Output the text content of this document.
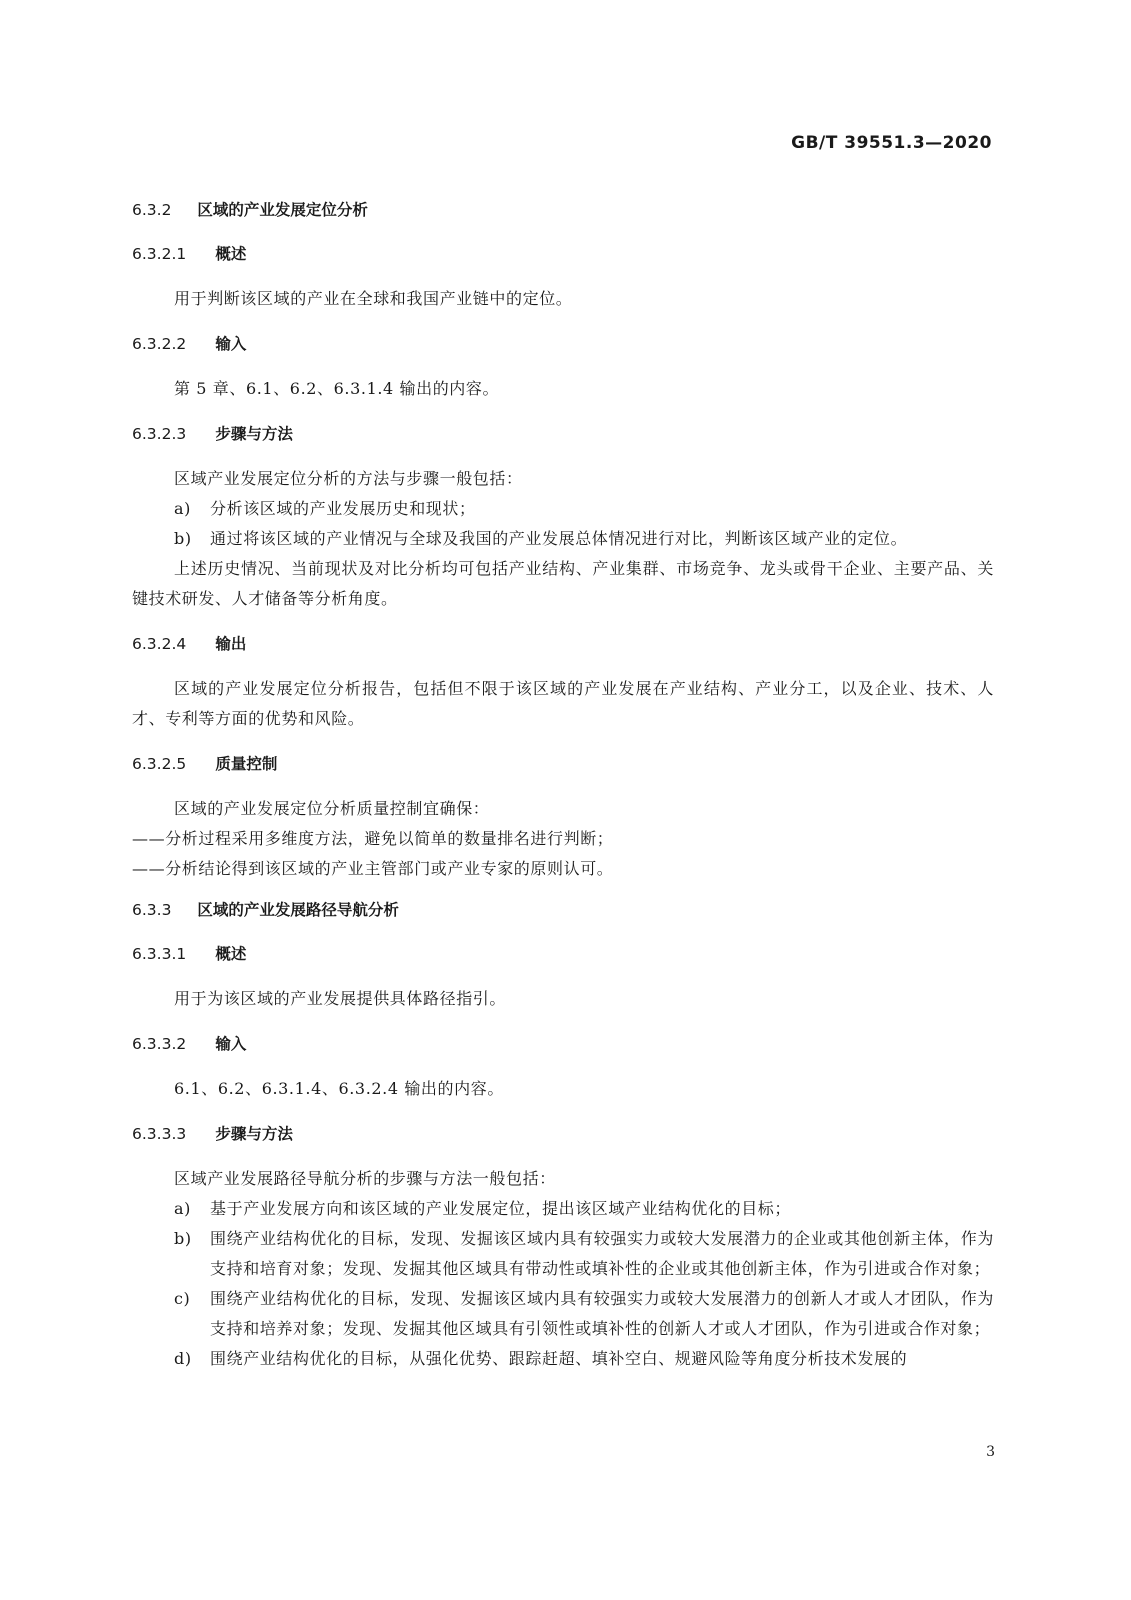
GB/T 39551.3—2020
6.3.2 区域的产业发展定位分析
6.3.2.1 概述
用于判断该区域的产业在全球和我国产业链中的定位。
6.3.2.2 输入
第 5 章、6.1、6.2、6.3.1.4 输出的内容。
6.3.2.3 步骤与方法
区域产业发展定位分析的方法与步骤一般包括：
a) 分析该区域的产业发展历史和现状；
b) 通过将该区域的产业情况与全球及我国的产业发展总体情况进行对比，判断该区域产业的定位。
上述历史情况、当前现状及对比分析均可包括产业结构、产业集群、市场竞争、龙头或骨干企业、主要产品、关键技术研发、人才储备等分析角度。
6.3.2.4 输出
区域的产业发展定位分析报告，包括但不限于该区域的产业发展在产业结构、产业分工，以及企业、技术、人才、专利等方面的优势和风险。
6.3.2.5 质量控制
区域的产业发展定位分析质量控制宜确保：
——分析过程采用多维度方法，避免以简单的数量排名进行判断；
——分析结论得到该区域的产业主管部门或产业专家的原则认可。
6.3.3 区域的产业发展路径导航分析
6.3.3.1 概述
用于为该区域的产业发展提供具体路径指引。
6.3.3.2 输入
6.1、6.2、6.3.1.4、6.3.2.4 输出的内容。
6.3.3.3 步骤与方法
区域产业发展路径导航分析的步骤与方法一般包括：
a) 基于产业发展方向和该区域的产业发展定位，提出该区域产业结构优化的目标；
b) 围绕产业结构优化的目标，发现、发掘该区域内具有较强实力或较大发展潜力的企业或其他创新主体，作为支持和培育对象；发现、发掘其他区域具有带动性或填补性的企业或其他创新主体，作为引进或合作对象；
c) 围绕产业结构优化的目标，发现、发掘该区域内具有较强实力或较大发展潜力的创新人才或人才团队，作为支持和培养对象；发现、发掘其他区域具有引领性或填补性的创新人才或人才团队，作为引进或合作对象；
d) 围绕产业结构优化的目标，从强化优势、跟踪赶超、填补空白、规避风险等角度分析技术发展的
3
